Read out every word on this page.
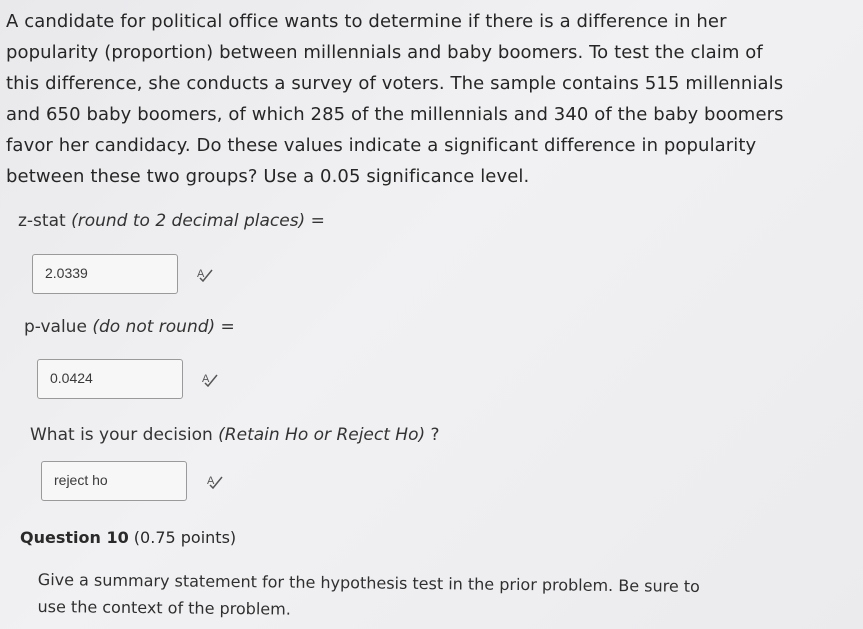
A candidate for political office wants to determine if there is a difference in her
popularity (proportion) between millennials and baby boomers. To test the claim of
this difference, she conducts a survey of voters. The sample contains 515 millennials
and 650 baby boomers, of which 285 of the millennials and 340 of the baby boomers
favor her candidacy. Do these values indicate a significant difference in popularity
between these two groups? Use a 0.05 significance level.
z-stat (round to 2 decimal places) =
2.0339	A
p-value (do not round) =
0.0424	A
What is your decision (Retain Ho or Reject Ho) ?
reject ho	A
Question 10 (0.75 points)
Give a summary statement for the hypothesis test in the prior problem. Be sure to
use the context of the problem.
